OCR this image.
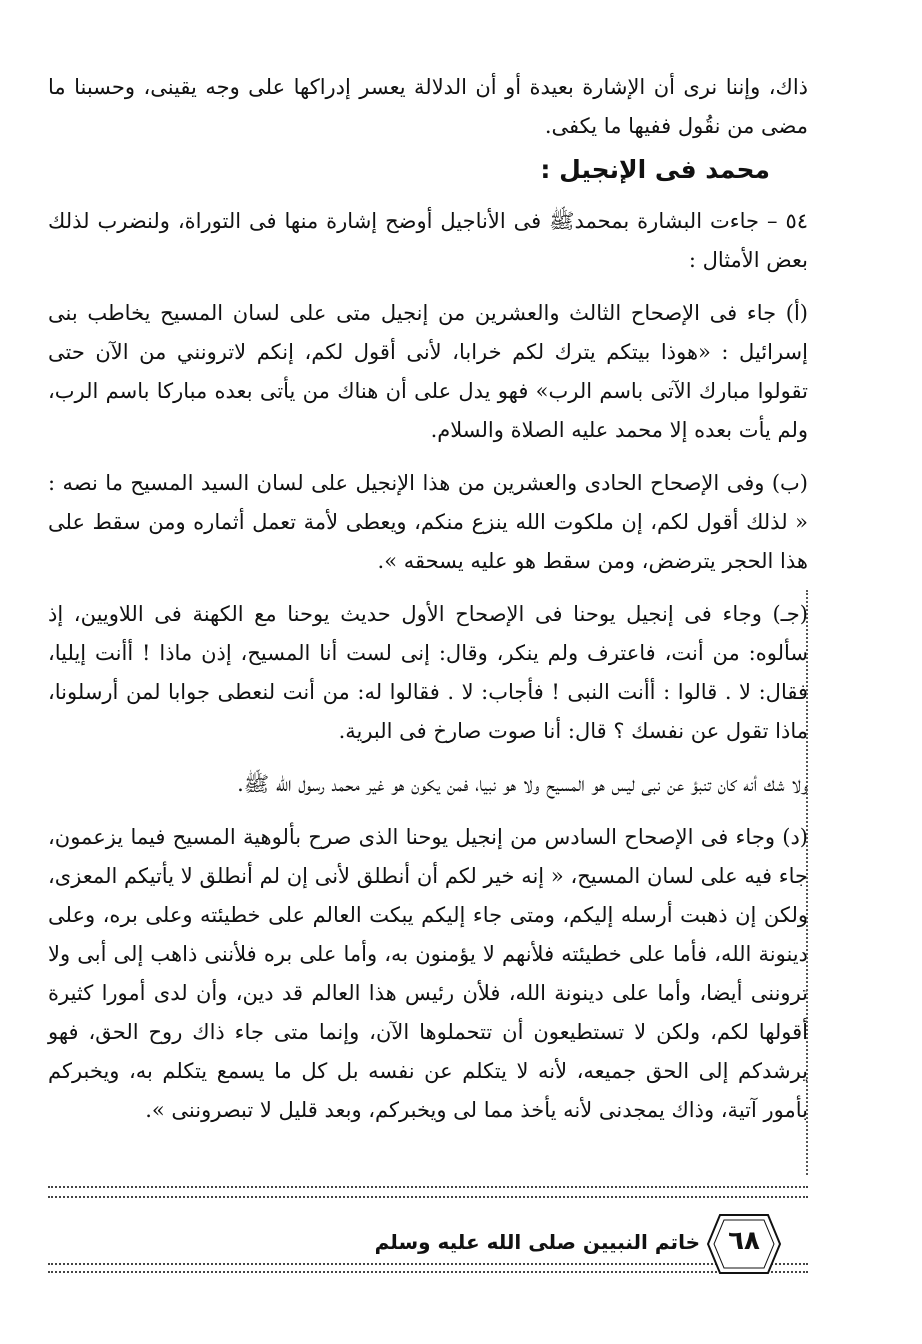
ذاك، وإننا نرى أن الإشارة بعيدة أو أن الدلالة يعسر إدراكها على وجه يقينى، وحسبنا ما مضى من نقُول ففيها ما يكفى.

محمد فى الإنجيل :

٥٤ – جاءت البشارة بمحمدﷺ فى الأناجيل أوضح إشارة منها فى التوراة، ولنضرب لذلك بعض الأمثال :

(أ) جاء فى الإصحاح الثالث والعشرين من إنجيل متى على لسان المسيح يخاطب بنى إسرائيل : «هوذا بيتكم يترك لكم خرابا، لأنى أقول لكم، إنكم لاترونني من الآن حتى تقولوا مبارك الآتى باسم الرب» فهو يدل على أن هناك من يأتى بعده مباركا باسم الرب، ولم يأت بعده إلا محمد عليه الصلاة والسلام.

(ب) وفى الإصحاح الحادى والعشرين من هذا الإنجيل على لسان السيد المسيح ما نصه : « لذلك أقول لكم، إن ملكوت الله ينزع منكم، ويعطى لأمة تعمل أثماره ومن سقط على هذا الحجر يترضض، ومن سقط هو عليه يسحقه ».

(جـ) وجاء فى إنجيل يوحنا فى الإصحاح الأول حديث يوحنا مع الكهنة فى اللاويين، إذ سألوه: من أنت، فاعترف ولم ينكر، وقال: إنى لست أنا المسيح، إذن ماذا ! أأنت إيليا، فقال: لا . قالوا : أأنت النبى ! فأجاب: لا . فقالوا له: من أنت لنعطى جوابا لمن أرسلونا، ماذا تقول عن نفسك ؟ قال: أنا صوت صارخ فى البرية.

ولا شك أنه كان تنبؤ عن نبى ليس هو المسيح ولا هو نبيا، فمن يكون هو غير محمد رسول الله ﷺ.

(د) وجاء فى الإصحاح السادس من إنجيل يوحنا الذى صرح بألوهية المسيح فيما يزعمون، جاء فيه على لسان المسيح، « إنه خير لكم أن أنطلق لأنى إن لم أنطلق لا يأتيكم المعزى، ولكن إن ذهبت أرسله إليكم، ومتى جاء إليكم يبكت العالم على خطيئته وعلى بره، وعلى دينونة الله، فأما على خطيئته فلأنهم لا يؤمنون به، وأما على بره فلأننى ذاهب إلى أبى ولا تروننى أيضا، وأما على دينونة الله، فلأن رئيس هذا العالم قد دين، وأن لدى أمورا كثيرة أقولها لكم، ولكن لا تستطيعون أن تتحملوها الآن، وإنما متى جاء ذاك روح الحق، فهو يرشدكم إلى الحق جميعه، لأنه لا يتكلم عن نفسه بل كل ما يسمع يتكلم به، ويخبركم بأمور آتية، وذاك يمجدنى لأنه يأخذ مما لى ويخبركم، وبعد قليل لا تبصروننى ».

خاتم النبيين صلى الله عليه وسلم	٦٨
